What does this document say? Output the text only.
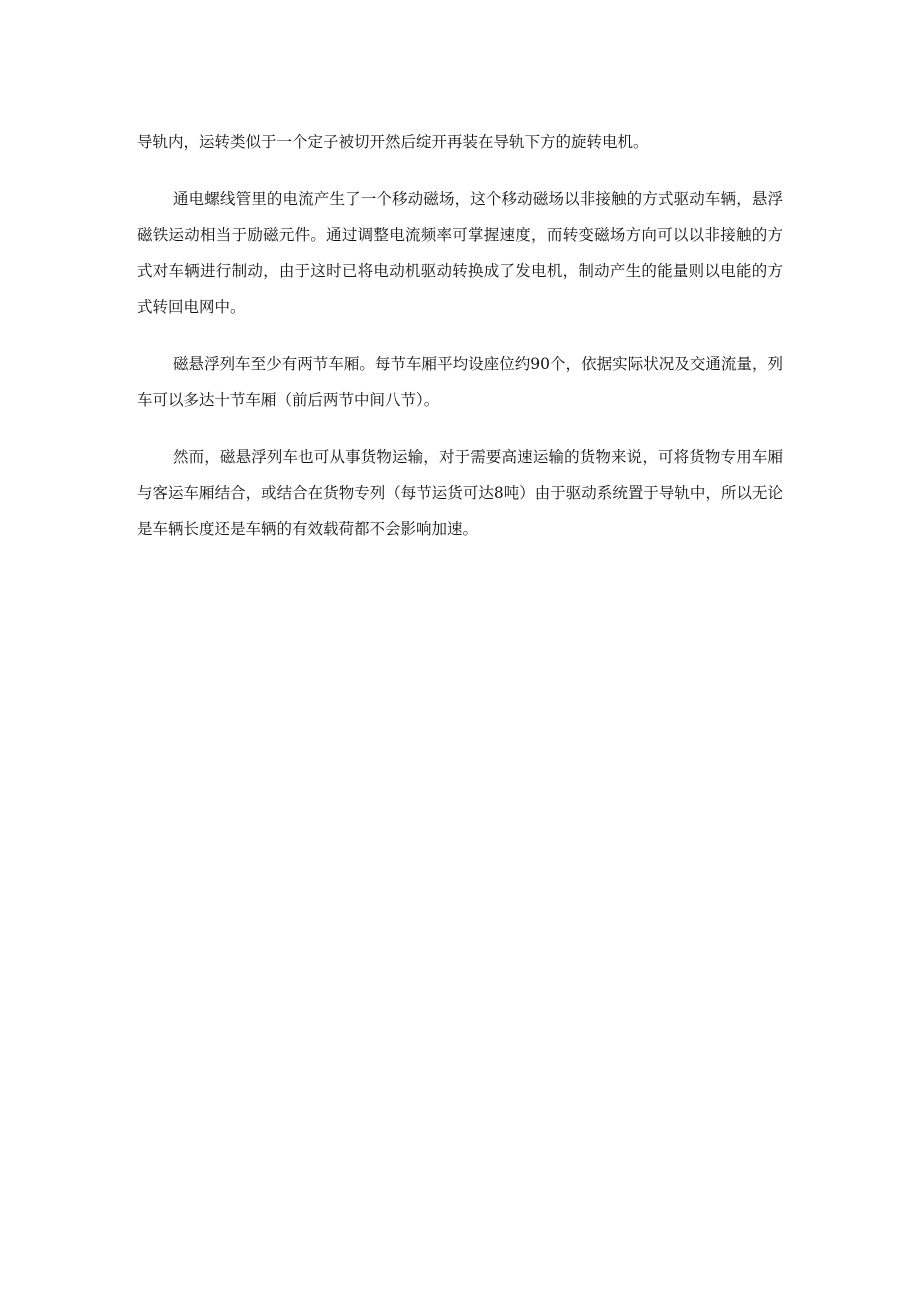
导轨内，运转类似于一个定子被切开然后绽开再装在导轨下方的旋转电机。

通电螺线管里的电流产生了一个移动磁场，这个移动磁场以非接触的方式驱动车辆，悬浮磁铁运动相当于励磁元件。通过调整电流频率可掌握速度，而转变磁场方向可以以非接触的方式对车辆进行制动，由于这时已将电动机驱动转换成了发电机，制动产生的能量则以电能的方式转回电网中。

磁悬浮列车至少有两节车厢。每节车厢平均设座位约90个，依据实际状况及交通流量，列车可以多达十节车厢（前后两节中间八节）。

然而，磁悬浮列车也可从事货物运输，对于需要高速运输的货物来说，可将货物专用车厢与客运车厢结合，或结合在货物专列（每节运货可达8吨）由于驱动系统置于导轨中，所以无论是车辆长度还是车辆的有效载荷都不会影响加速。
